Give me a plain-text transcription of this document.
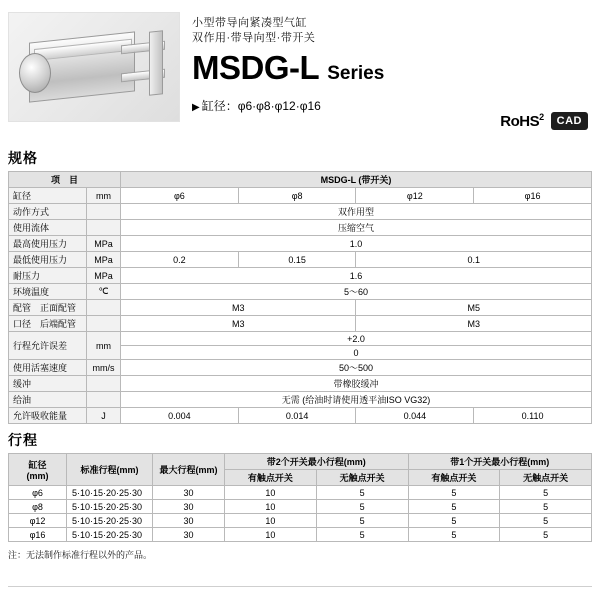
小型带导向紧凑型气缸
双作用·带导向型·带开关
MSDG-L Series
▶ 缸径：φ6·φ8·φ12·φ16
RoHS$^2$	CAD
规格
项　目		MSDG-L (带开关)			
缸径	mm	φ6	φ8	φ12	φ16
动作方式		双作用型			
使用流体		压缩空气			
最高使用压力	MPa	1.0			
最低使用压力	MPa	0.2	0.15	0.1	
耐压力	MPa	1.6			
环境温度	℃	5～60			
配管　正面配管		M3		M5	
口径　后端配管		M3		M3	
行程允许误差	mm	+2.0			
		0			
使用活塞速度	mm/s	50～500			
缓冲		带橡胶缓冲			
给油		无需 (给油时请使用透平油ISO VG32)			
允许吸收能量	J	0.004	0.014	0.044	0.110
行程
缸径
(mm)	标准行程(mm)	最大行程(mm)	带2个开关最小行程(mm)		带1个开关最小行程(mm)	
			有触点开关	无触点开关	有触点开关	无触点开关
φ6	5·10·15·20·25·30	30	10	5	5	5
φ8	5·10·15·20·25·30	30	10	5	5	5
φ12	5·10·15·20·25·30	30	10	5	5	5
φ16	5·10·15·20·25·30	30	10	5	5	5
注：无法制作标准行程以外的产品。
